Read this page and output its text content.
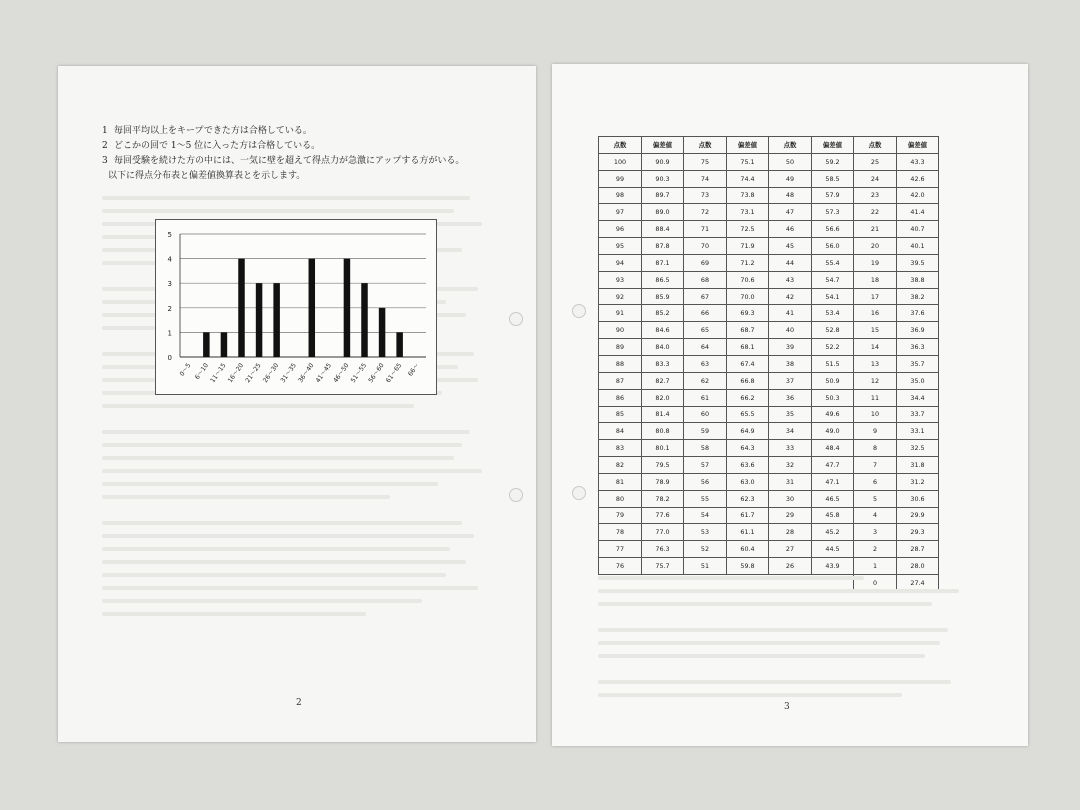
1 毎回平均以上をキープできた方は合格している。
2 どこかの回で 1～5 位に入った方は合格している。
3 毎回受験を続けた方の中には、一気に壁を超えて得点力が急激にアップする方がいる。
以下に得点分布表と偏差値換算表とを示します。
0
1
2
3
4
5
0～5 6～10 11～15 16～20 21～25 26～30 31～35 36～40 41～45 46～50 51～55 56～60 61～65 66～
2
点数	偏差値	点数	偏差値	点数	偏差値	点数	偏差値
100	90.9	75	75.1	50	59.2	25	43.3
99	90.3	74	74.4	49	58.5	24	42.6
98	89.7	73	73.8	48	57.9	23	42.0
97	89.0	72	73.1	47	57.3	22	41.4
96	88.4	71	72.5	46	56.6	21	40.7
95	87.8	70	71.9	45	56.0	20	40.1
94	87.1	69	71.2	44	55.4	19	39.5
93	86.5	68	70.6	43	54.7	18	38.8
92	85.9	67	70.0	42	54.1	17	38.2
91	85.2	66	69.3	41	53.4	16	37.6
90	84.6	65	68.7	40	52.8	15	36.9
89	84.0	64	68.1	39	52.2	14	36.3
88	83.3	63	67.4	38	51.5	13	35.7
87	82.7	62	66.8	37	50.9	12	35.0
86	82.0	61	66.2	36	50.3	11	34.4
85	81.4	60	65.5	35	49.6	10	33.7
84	80.8	59	64.9	34	49.0	9	33.1
83	80.1	58	64.3	33	48.4	8	32.5
82	79.5	57	63.6	32	47.7	7	31.8
81	78.9	56	63.0	31	47.1	6	31.2
80	78.2	55	62.3	30	46.5	5	30.6
79	77.6	54	61.7	29	45.8	4	29.9
78	77.0	53	61.1	28	45.2	3	29.3
77	76.3	52	60.4	27	44.5	2	28.7
76	75.7	51	59.8	26	43.9	1	28.0
						0	27.4
3
